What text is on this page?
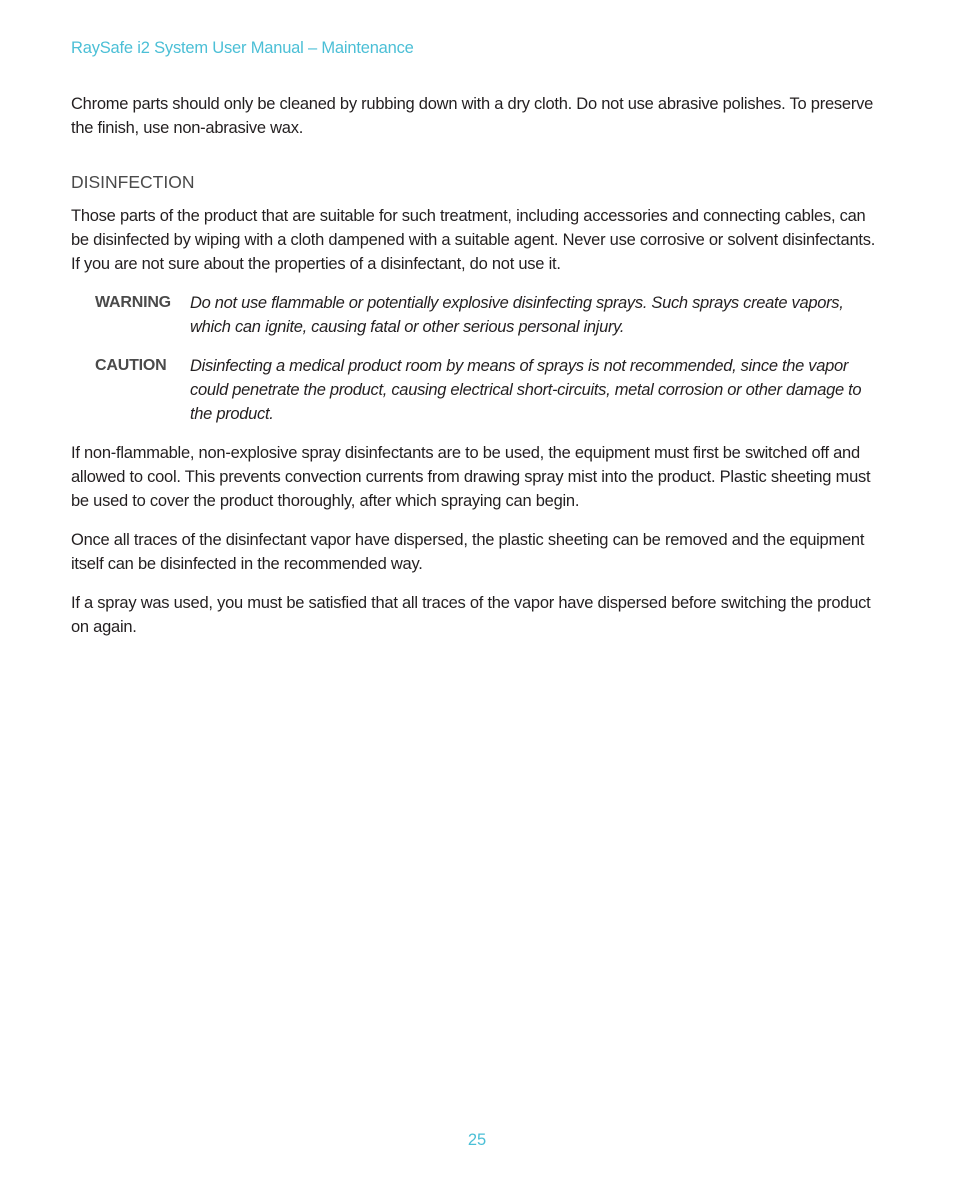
RaySafe i2 System User Manual – Maintenance

Chrome parts should only be cleaned by rubbing down with a dry cloth. Do not use abrasive polishes. To preserve the finish, use non-abrasive wax.

DISINFECTION

Those parts of the product that are suitable for such treatment, including accessories and connecting cables, can be disinfected by wiping with a cloth dampened with a suitable agent. Never use corrosive or solvent disinfectants. If you are not sure about the properties of a disinfectant, do not use it.

WARNING	Do not use flammable or potentially explosive disinfecting sprays. Such sprays create vapors, which can ignite, causing fatal or other serious personal injury.
CAUTION	Disinfecting a medical product room by means of sprays is not recommended, since the vapor could penetrate the product, causing electrical short-circuits, metal corrosion or other damage to the product.

If non-flammable, non-explosive spray disinfectants are to be used, the equipment must first be switched off and allowed to cool. This prevents convection currents from drawing spray mist into the product. Plastic sheeting must be used to cover the product thoroughly, after which spraying can begin.

Once all traces of the disinfectant vapor have dispersed, the plastic sheeting can be removed and the equipment itself can be disinfected in the recommended way.

If a spray was used, you must be satisfied that all traces of the vapor have dispersed before switching the product on again.

25
